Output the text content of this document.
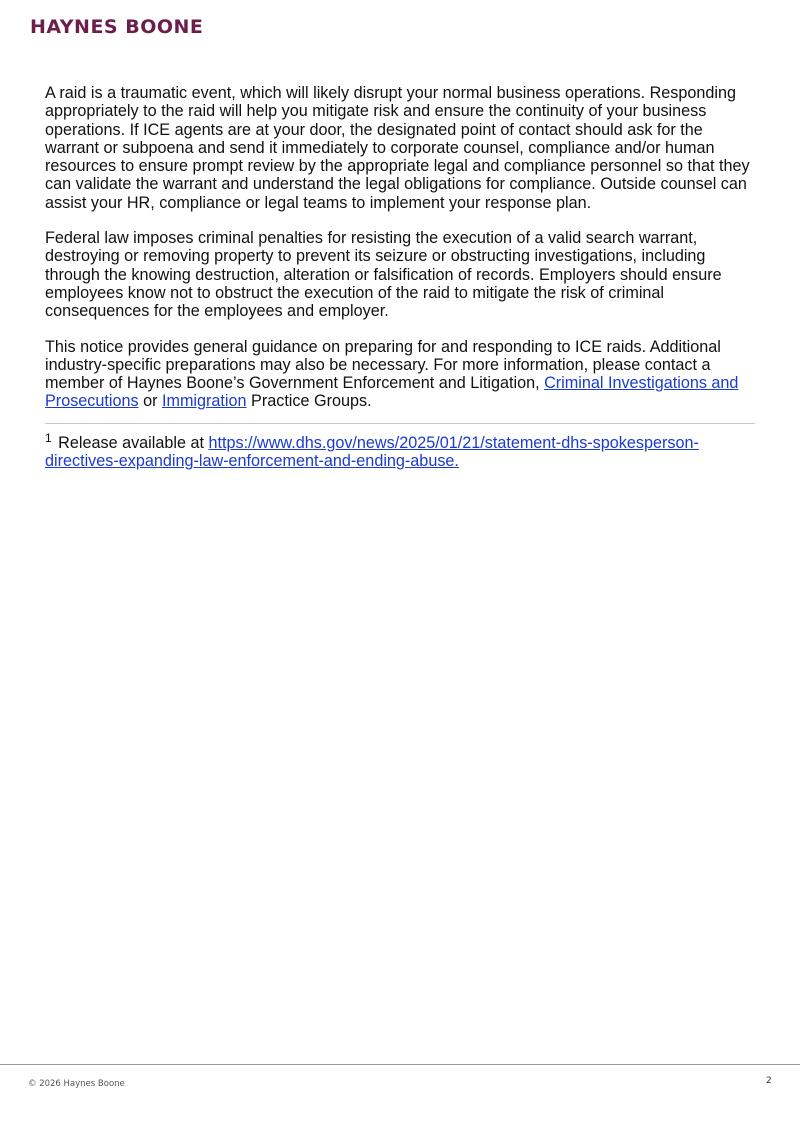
HAYNES BOONE

A raid is a traumatic event, which will likely disrupt your normal business operations. Responding appropriately to the raid will help you mitigate risk and ensure the continuity of your business operations. If ICE agents are at your door, the designated point of contact should ask for the warrant or subpoena and send it immediately to corporate counsel, compliance and/or human resources to ensure prompt review by the appropriate legal and compliance personnel so that they can validate the warrant and understand the legal obligations for compliance. Outside counsel can assist your HR, compliance or legal teams to implement your response plan.

Federal law imposes criminal penalties for resisting the execution of a valid search warrant, destroying or removing property to prevent its seizure or obstructing investigations, including through the knowing destruction, alteration or falsification of records. Employers should ensure employees know not to obstruct the execution of the raid to mitigate the risk of criminal consequences for the employees and employer.

This notice provides general guidance on preparing for and responding to ICE raids. Additional industry-specific preparations may also be necessary. For more information, please contact a member of Haynes Boone’s Government Enforcement and Litigation, Criminal Investigations and Prosecutions or Immigration Practice Groups.

$^1$ Release available at https://www.dhs.gov/news/2025/01/21/statement-dhs-spokesperson-directives-expanding-law-enforcement-and-ending-abuse.
© 2026 Haynes Boone	2
